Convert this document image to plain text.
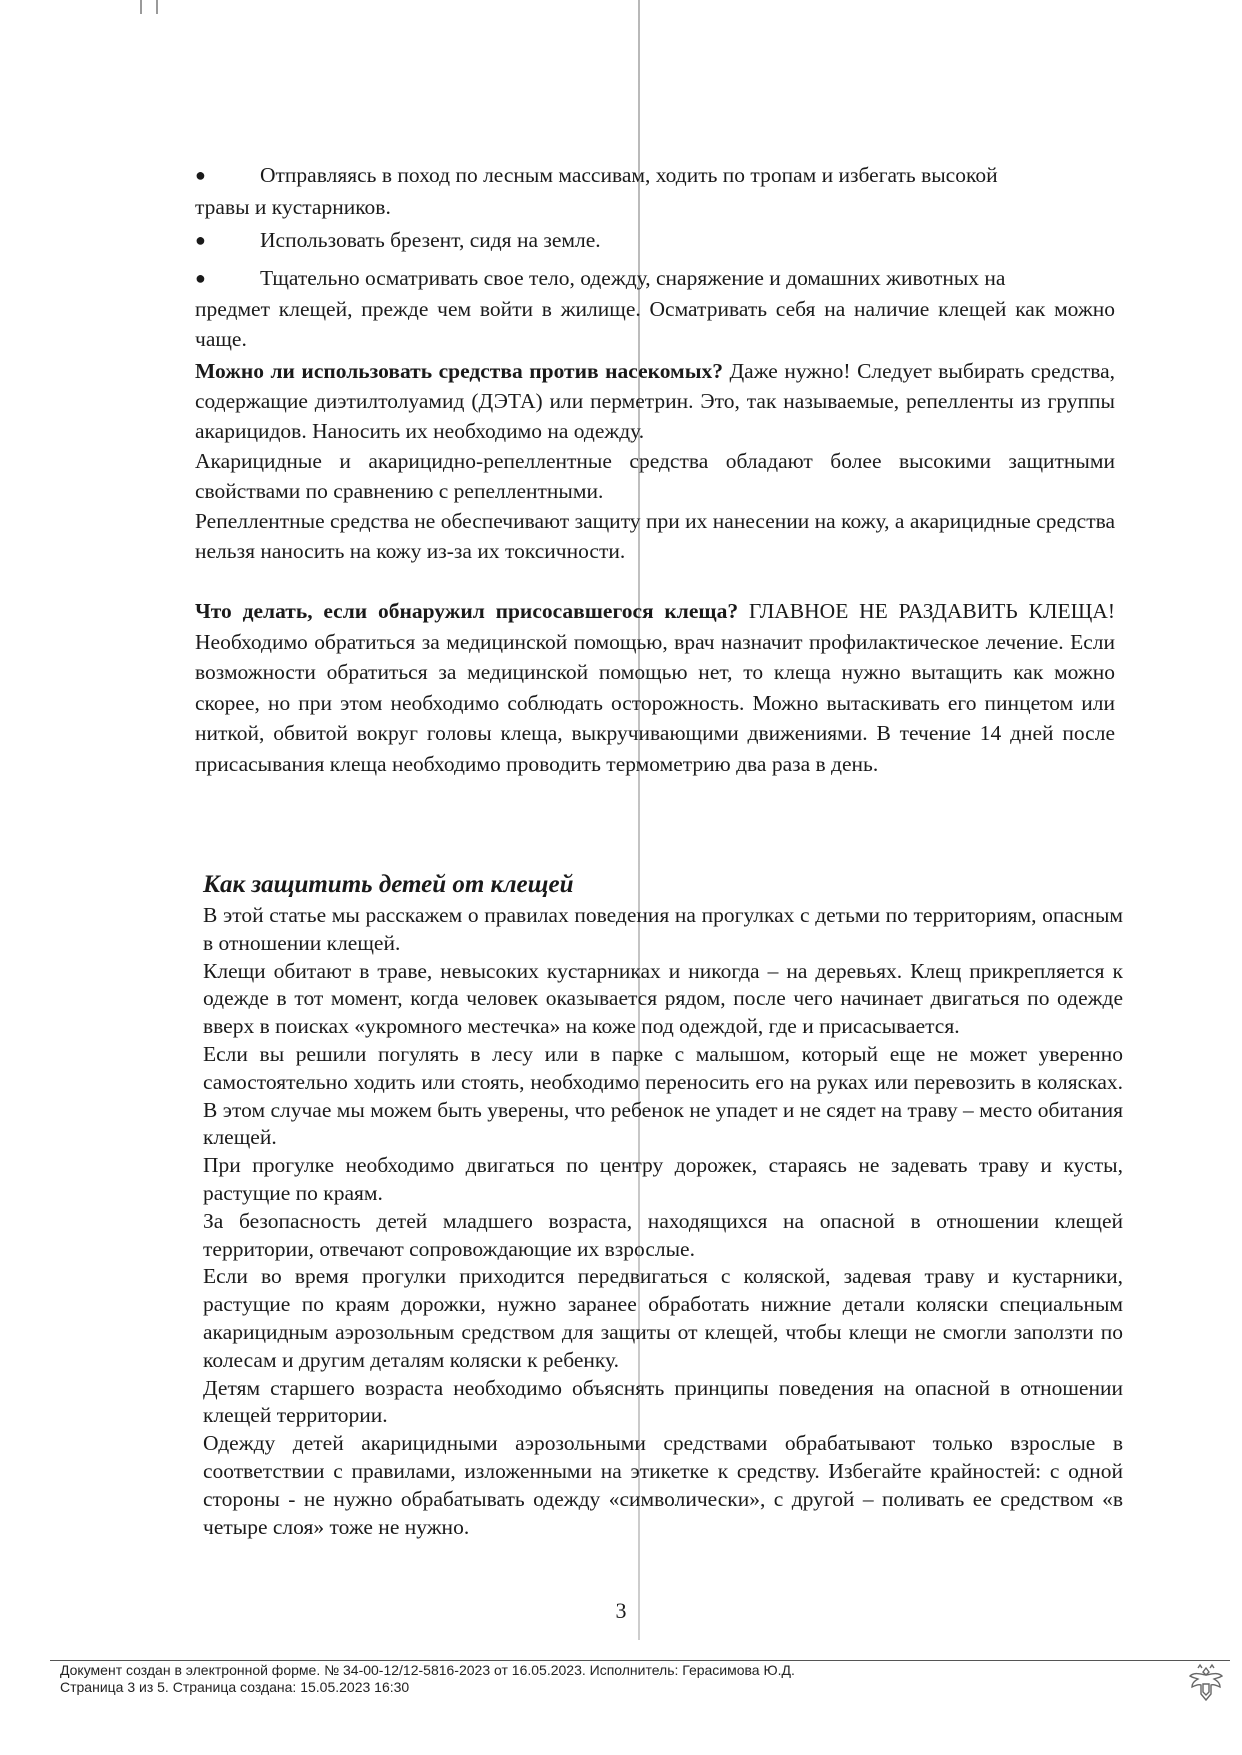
●	Отправляясь в поход по лесным массивам, ходить по тропам и избегать высокой

травы и кустарников.

●	Использовать брезент, сидя на земле.
●	Тщательно осматривать свое тело, одежду, снаряжение и домашних животных на

предмет клещей, прежде чем войти в жилище. Осматривать себя на наличие клещей как можно чаще.

Можно ли использовать средства против насекомых? Даже нужно! Следует выбирать средства, содержащие диэтилтолуамид (ДЭТА) или перметрин. Это, так называемые, репелленты из группы акарицидов. Наносить их необходимо на одежду.

Акарицидные и акарицидно-репеллентные средства обладают более высокими защитными свойствами по сравнению с репеллентными.

Репеллентные средства не обеспечивают защиту при их нанесении на кожу, а акарицидные средства нельзя наносить на кожу из-за их токсичности.

Что делать, если обнаружил присосавшегося клеща? ГЛАВНОЕ НЕ РАЗДАВИТЬ КЛЕЩА! Необходимо обратиться за медицинской помощью, врач назначит профилактическое лечение. Если возможности обратиться за медицинской помощью нет, то клеща нужно вытащить как можно скорее, но при этом необходимо соблюдать осторожность. Можно вытаскивать его пинцетом или ниткой, обвитой вокруг головы клеща, выкручивающими движениями. В течение 14 дней после присасывания клеща необходимо проводить термометрию два раза в день.

Как защитить детей от клещей

В этой статье мы расскажем о правилах поведения на прогулках с детьми по территориям, опасным в отношении клещей.

Клещи обитают в траве, невысоких кустарниках и никогда – на деревьях. Клещ прикрепляется к одежде в тот момент, когда человек оказывается рядом, после чего начинает двигаться по одежде вверх в поисках «укромного местечка» на коже под одеждой, где и присасывается.

Если вы решили погулять в лесу или в парке с малышом, который еще не может уверенно самостоятельно ходить или стоять, необходимо переносить его на руках или перевозить в колясках. В этом случае мы можем быть уверены, что ребенок не упадет и не сядет на траву – место обитания клещей.

При прогулке необходимо двигаться по центру дорожек, стараясь не задевать траву и кусты, растущие по краям.

За безопасность детей младшего возраста, находящихся на опасной в отношении клещей территории, отвечают сопровождающие их взрослые.

Если во время прогулки приходится передвигаться с коляской, задевая траву и кустарники, растущие по краям дорожки, нужно заранее обработать нижние детали коляски специальным акарицидным аэрозольным средством для защиты от клещей, чтобы клещи не смогли заползти по колесам и другим деталям коляски к ребенку.

Детям старшего возраста необходимо объяснять принципы поведения на опасной в отношении клещей территории.

Одежду детей акарицидными аэрозольными средствами обрабатывают только взрослые в соответствии с правилами, изложенными на этикетке к средству. Избегайте крайностей: с одной стороны - не нужно обрабатывать одежду «символически», с другой – поливать ее средством «в четыре слоя» тоже не нужно.

3
Документ создан в электронной форме. № 34-00-12/12-5816-2023 от 16.05.2023. Исполнитель: Герасимова Ю.Д.
Страница 3 из 5. Страница создана: 15.05.2023 16:30
